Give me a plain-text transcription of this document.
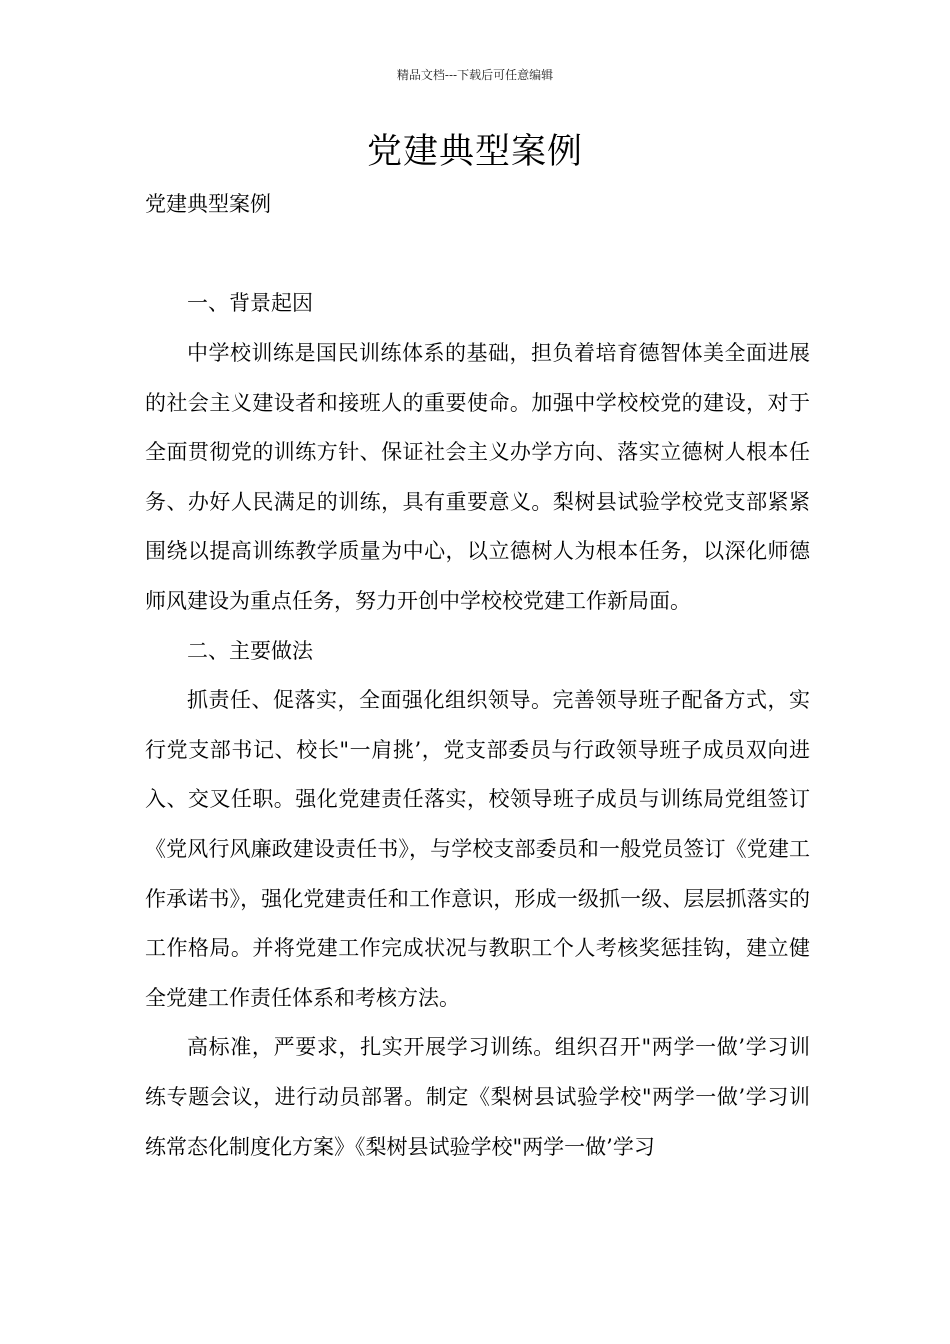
精品文档---下载后可任意编辑
党建典型案例

党建典型案例

一、背景起因

中学校训练是国民训练体系的基础，担负着培育德智体美全面进展的社会主义建设者和接班人的重要使命。加强中学校校党的建设，对于全面贯彻党的训练方针、保证社会主义办学方向、落实立德树人根本任务、办好人民满足的训练，具有重要意义。梨树县试验学校党支部紧紧围绕以提高训练教学质量为中心，以立德树人为根本任务，以深化师德师风建设为重点任务，努力开创中学校校党建工作新局面。

二、主要做法

抓责任、促落实，全面强化组织领导。完善领导班子配备方式，实行党支部书记、校长"一肩挑’，党支部委员与行政领导班子成员双向进入、交叉任职。强化党建责任落实，校领导班子成员与训练局党组签订《党风行风廉政建设责任书》，与学校支部委员和一般党员签订《党建工作承诺书》，强化党建责任和工作意识，形成一级抓一级、层层抓落实的工作格局。并将党建工作完成状况与教职工个人考核奖惩挂钩，建立健全党建工作责任体系和考核方法。

高标准，严要求，扎实开展学习训练。组织召开"两学一做’学习训练专题会议，进行动员部署。制定《梨树县试验学校"两学一做’学习训练常态化制度化方案》《梨树县试验学校"两学一做’学习
